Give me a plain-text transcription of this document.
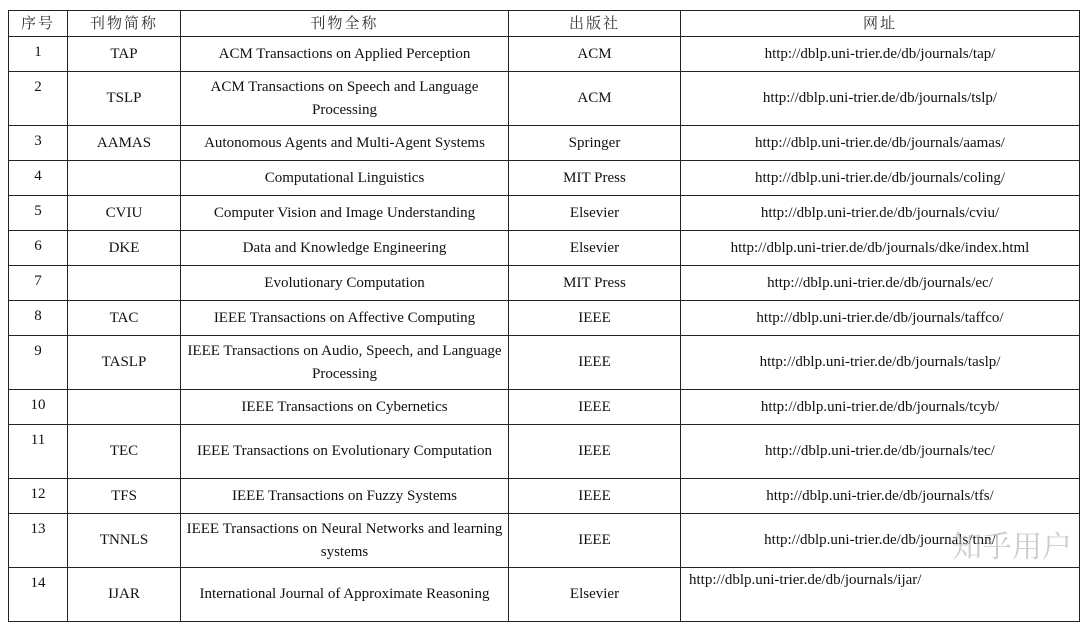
序号	刊物简称	刊物全称	出版社	网址
1	TAP	ACM Transactions on Applied Perception	ACM	http://dblp.uni-trier.de/db/journals/tap/
2	TSLP	ACM Transactions on Speech and Language Processing	ACM	http://dblp.uni-trier.de/db/journals/tslp/
3	AAMAS	Autonomous Agents and Multi-Agent Systems	Springer	http://dblp.uni-trier.de/db/journals/aamas/
4		Computational Linguistics	MIT Press	http://dblp.uni-trier.de/db/journals/coling/
5	CVIU	Computer Vision and Image Understanding	Elsevier	http://dblp.uni-trier.de/db/journals/cviu/
6	DKE	Data and Knowledge Engineering	Elsevier	http://dblp.uni-trier.de/db/journals/dke/index.html
7		Evolutionary Computation	MIT Press	http://dblp.uni-trier.de/db/journals/ec/
8	TAC	IEEE Transactions on Affective Computing	IEEE	http://dblp.uni-trier.de/db/journals/taffco/
9	TASLP	IEEE Transactions on Audio, Speech, and Language Processing	IEEE	http://dblp.uni-trier.de/db/journals/taslp/
10		IEEE Transactions on Cybernetics	IEEE	http://dblp.uni-trier.de/db/journals/tcyb/
11	TEC	IEEE Transactions on Evolutionary Computation	IEEE	http://dblp.uni-trier.de/db/journals/tec/
12	TFS	IEEE Transactions on Fuzzy Systems	IEEE	http://dblp.uni-trier.de/db/journals/tfs/
13	TNNLS	IEEE Transactions on Neural Networks and learning systems	IEEE	http://dblp.uni-trier.de/db/journals/tnn/
14	IJAR	International Journal of Approximate Reasoning	Elsevier	http://dblp.uni-trier.de/db/journals/ijar/
知乎用户
